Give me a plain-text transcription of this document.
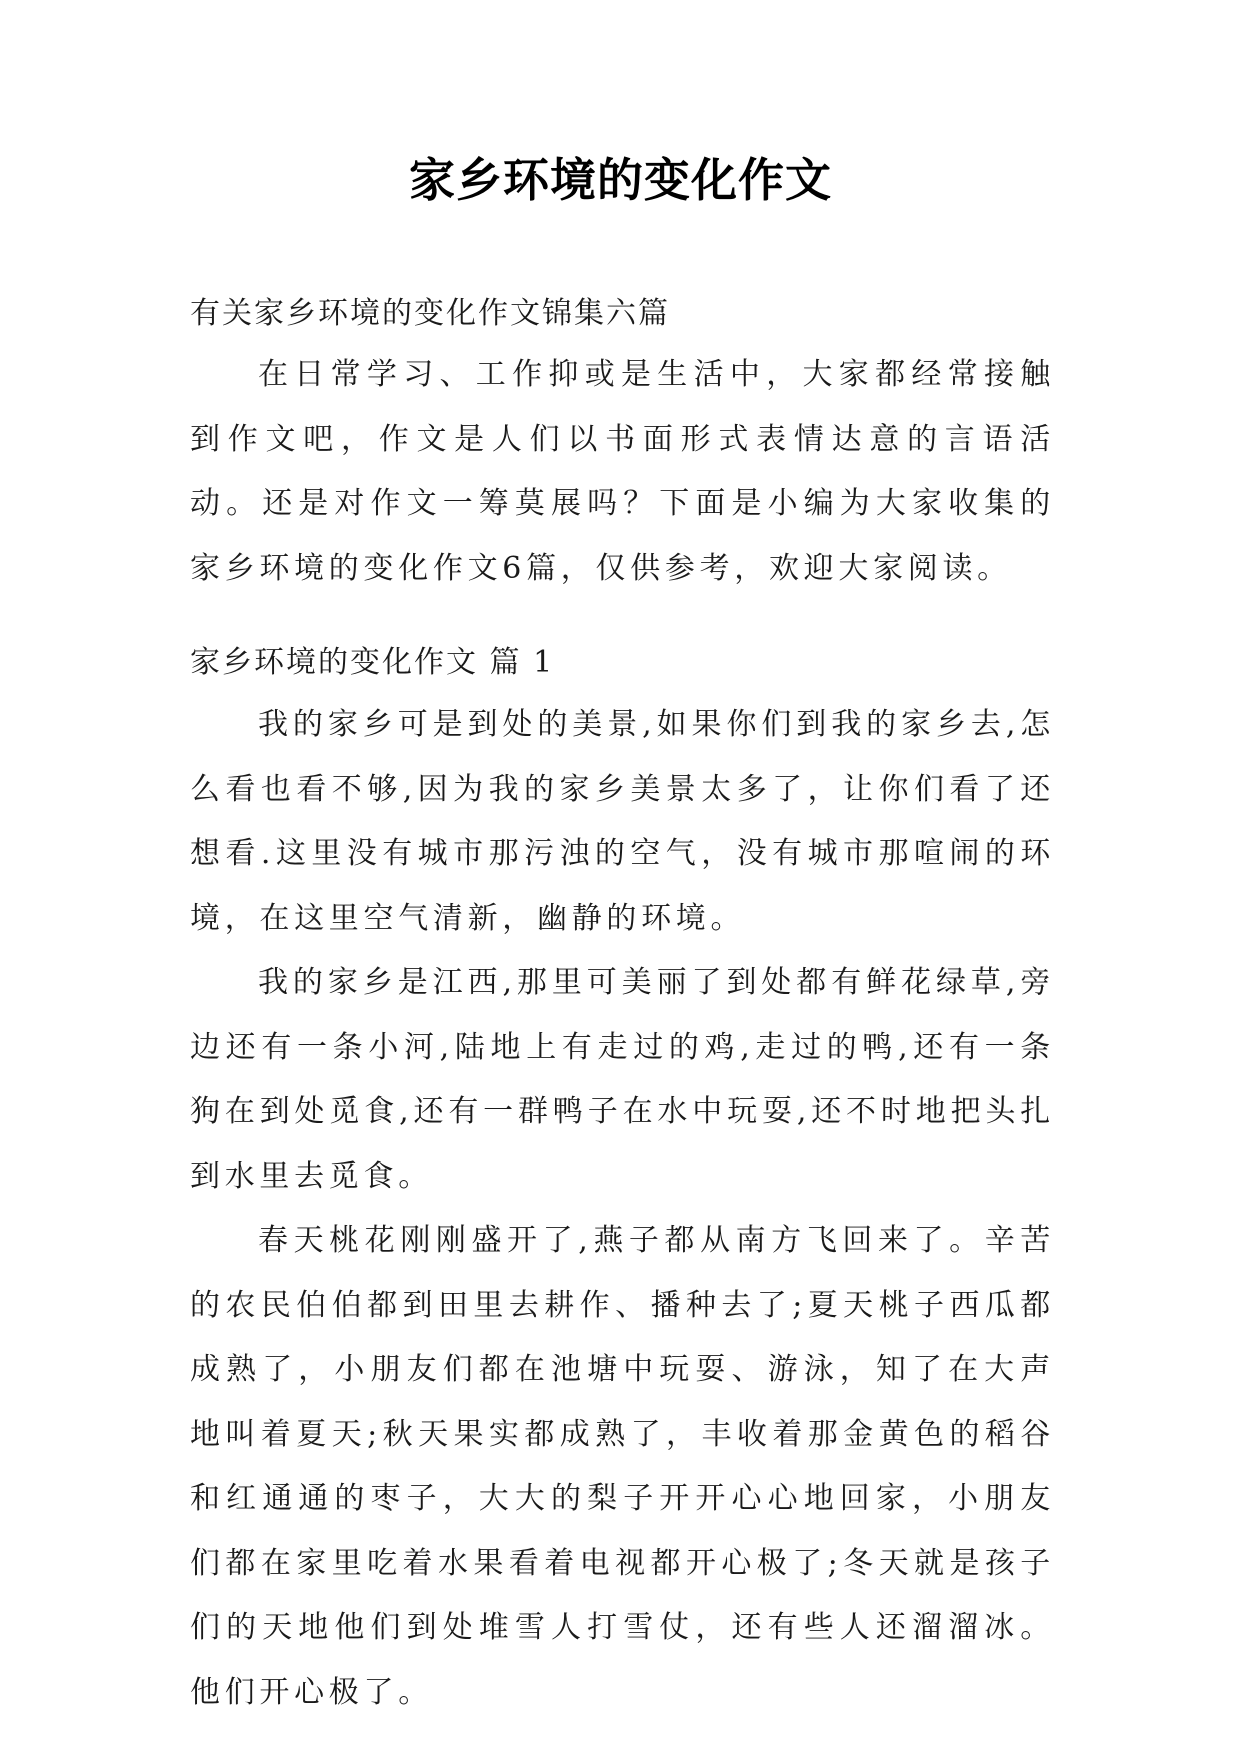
家乡环境的变化作文
有关家乡环境的变化作文锦集六篇

在日常学习、工作抑或是生活中，大家都经常接触到作文吧，作文是人们以书面形式表情达意的言语活动。还是对作文一筹莫展吗？下面是小编为大家收集的家乡环境的变化作文6篇，仅供参考，欢迎大家阅读。

家乡环境的变化作文 篇 1

我的家乡可是到处的美景,如果你们到我的家乡去,怎么看也看不够,因为我的家乡美景太多了，让你们看了还想看.这里没有城市那污浊的空气，没有城市那喧闹的环境，在这里空气清新，幽静的环境。

我的家乡是江西,那里可美丽了到处都有鲜花绿草,旁边还有一条小河,陆地上有走过的鸡,走过的鸭,还有一条狗在到处觅食,还有一群鸭子在水中玩耍,还不时地把头扎到水里去觅食。

春天桃花刚刚盛开了,燕子都从南方飞回来了。辛苦的农民伯伯都到田里去耕作、播种去了;夏天桃子西瓜都成熟了，小朋友们都在池塘中玩耍、游泳，知了在大声地叫着夏天;秋天果实都成熟了，丰收着那金黄色的稻谷和红通通的枣子，大大的梨子开开心心地回家，小朋友们都在家里吃着水果看着电视都开心极了;冬天就是孩子们的天地他们到处堆雪人打雪仗，还有些人还溜溜冰。他们开心极了。
